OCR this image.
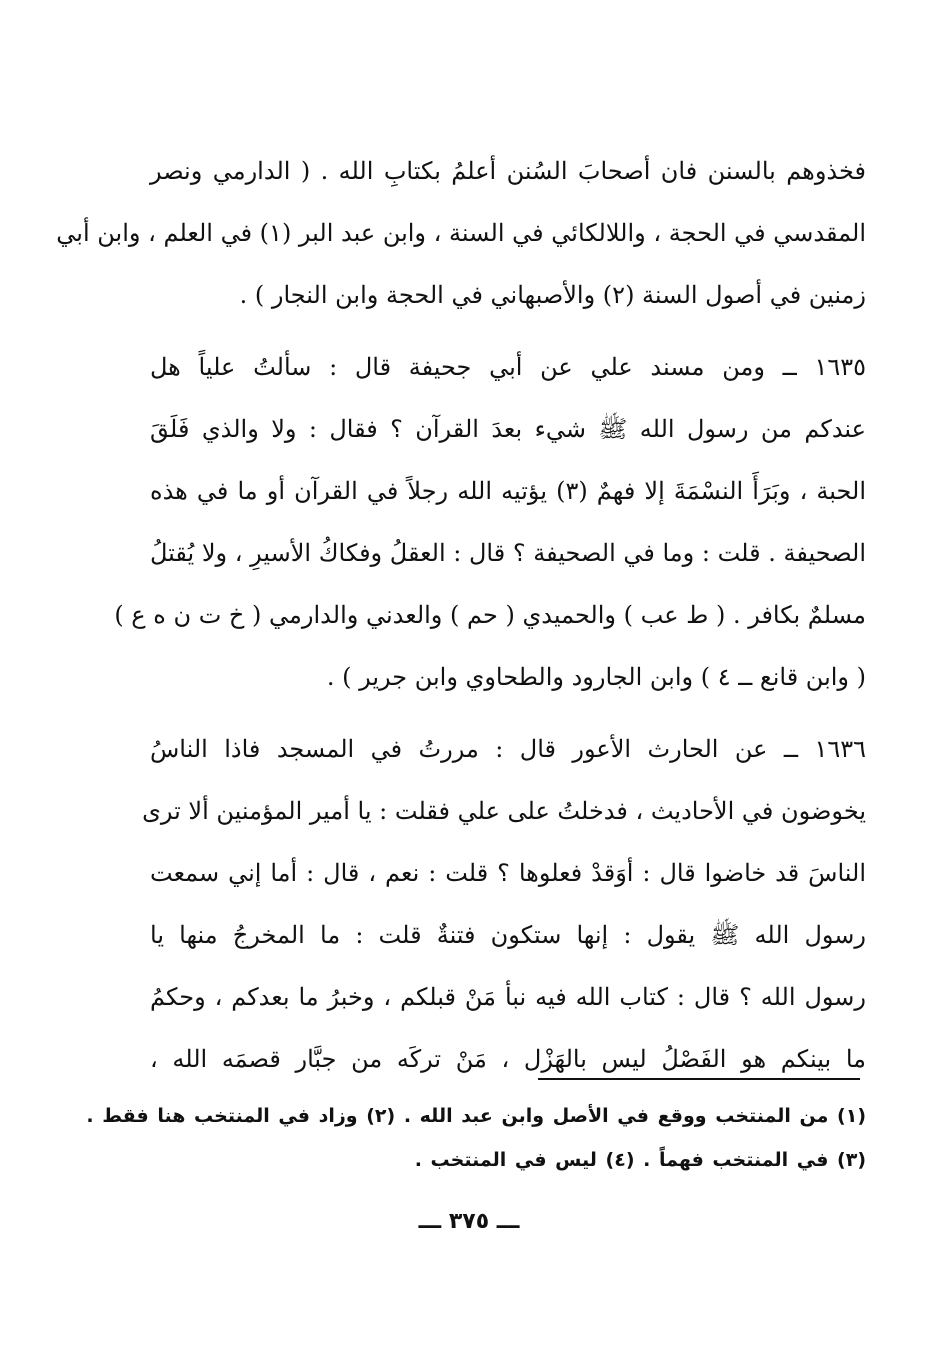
فخذوهم بالسنن فان أصحابَ السُنن أعلمُ بكتابِ الله . ( الدارمي ونصر
المقدسي في الحجة ، واللالكائي في السنة ، وابن عبد البر (١) في العلم ، وابن أبي
زمنين في أصول السنة (٢) والأصبهاني في الحجة وابن النجار ) .
١٦٣٥ ــ ومن مسند علي عن أبي جحيفة قال : سألتُ علياً هل
عندكم من رسول الله ﷺ شيء بعدَ القرآن ؟ فقال : ولا والذي فَلَقَ
الحبة ، وبَرَأَ النسْمَةَ إلا فهمٌ (٣) يؤتيه الله رجلاً في القرآن أو ما في هذه
الصحيفة . قلت : وما في الصحيفة ؟ قال : العقلُ وفكاكُ الأسيرِ ، ولا يُقتلُ
مسلمٌ بكافر . ( ط عب ) والحميدي ( حم ) والعدني والدارمي ( خ ت ن ه ع )
( وابن قانع ــ ٤ ) وابن الجارود والطحاوي وابن جرير ) .
١٦٣٦ ــ عن الحارث الأعور قال : مررتُ في المسجد فاذا الناسُ
يخوضون في الأحاديث ، فدخلتُ على علي فقلت : يا أمير المؤمنين ألا ترى
الناسَ قد خاضوا قال : أوَقدْ فعلوها ؟ قلت : نعم ، قال : أما إني سمعت
رسول الله ﷺ يقول : إنها ستكون فتنةٌ قلت : ما المخرجُ منها يا
رسول الله ؟ قال : كتاب الله فيه نبأ مَنْ قبلكم ، وخبرُ ما بعدكم ، وحكمُ
ما بينكم هو الفَصْلُ ليس بالهَزْل ، مَنْ تركَه من جبَّار قصمَه الله ،
(١) من المنتخب ووقع في الأصل وابن عبد الله . (٢) وزاد في المنتخب هنا فقط .
(٣) في المنتخب فهماً . (٤) ليس في المنتخب .
ـــ ٣٧٥ ـــ
